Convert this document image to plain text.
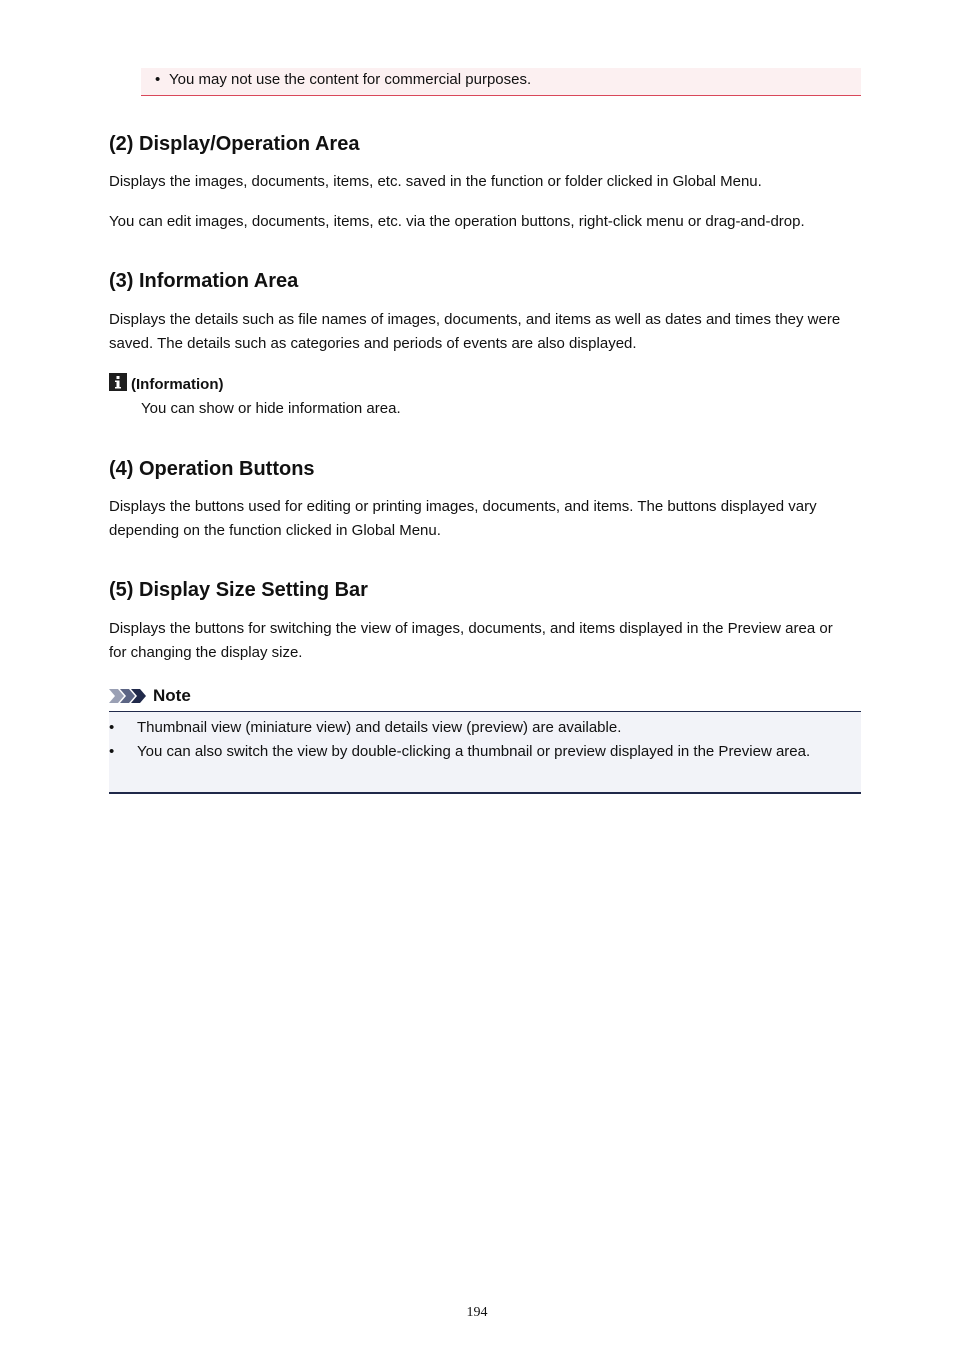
• You may not use the content for commercial purposes.
(2) Display/Operation Area

Displays the images, documents, items, etc. saved in the function or folder clicked in Global Menu.

You can edit images, documents, items, etc. via the operation buttons, right-click menu or drag-and-drop.

(3) Information Area

Displays the details such as file names of images, documents, and items as well as dates and times they were saved. The details such as categories and periods of events are also displayed.

(Information)
You can show or hide information area.
(4) Operation Buttons

Displays the buttons used for editing or printing images, documents, and items. The buttons displayed vary depending on the function clicked in Global Menu.

(5) Display Size Setting Bar

Displays the buttons for switching the view of images, documents, and items displayed in the Preview area or for changing the display size.

Note
• Thumbnail view (miniature view) and details view (preview) are available.
• You can also switch the view by double-clicking a thumbnail or preview displayed in the Preview area.
194
